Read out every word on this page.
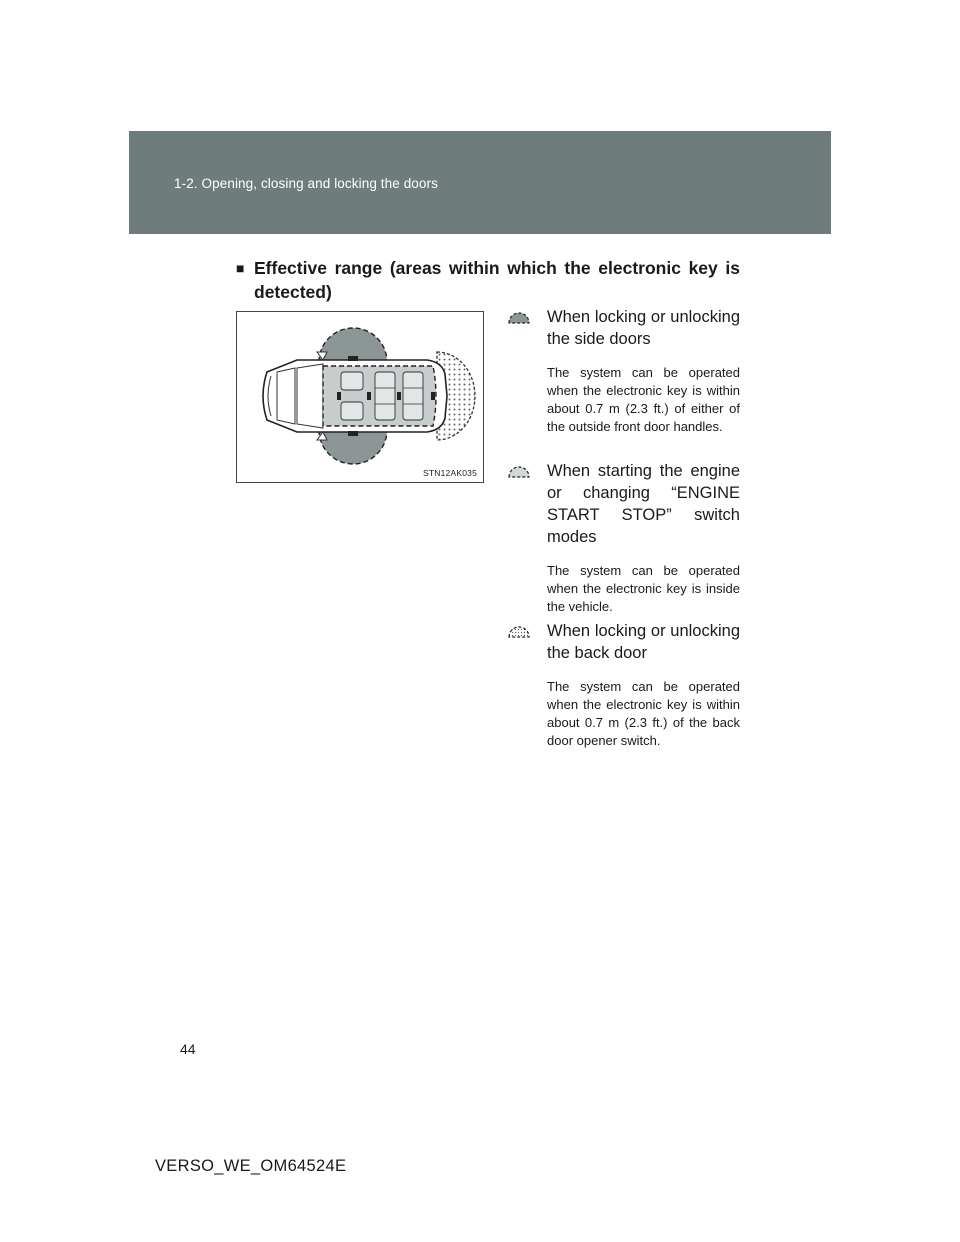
1-2. Opening, closing and locking the doors
■ Effective range (areas within which the electronic key is detected)
STN12AK035
When locking or unlocking the side doors
The system can be operated when the electronic key is within about 0.7 m (2.3 ft.) of either of the outside front door handles.
When starting the engine or changing “ENGINE START STOP” switch modes
The system can be operated when the electronic key is inside the vehicle.
When locking or unlocking the back door
The system can be operated when the electronic key is within about 0.7 m (2.3 ft.) of the back door opener switch.
44
VERSO_WE_OM64524E
